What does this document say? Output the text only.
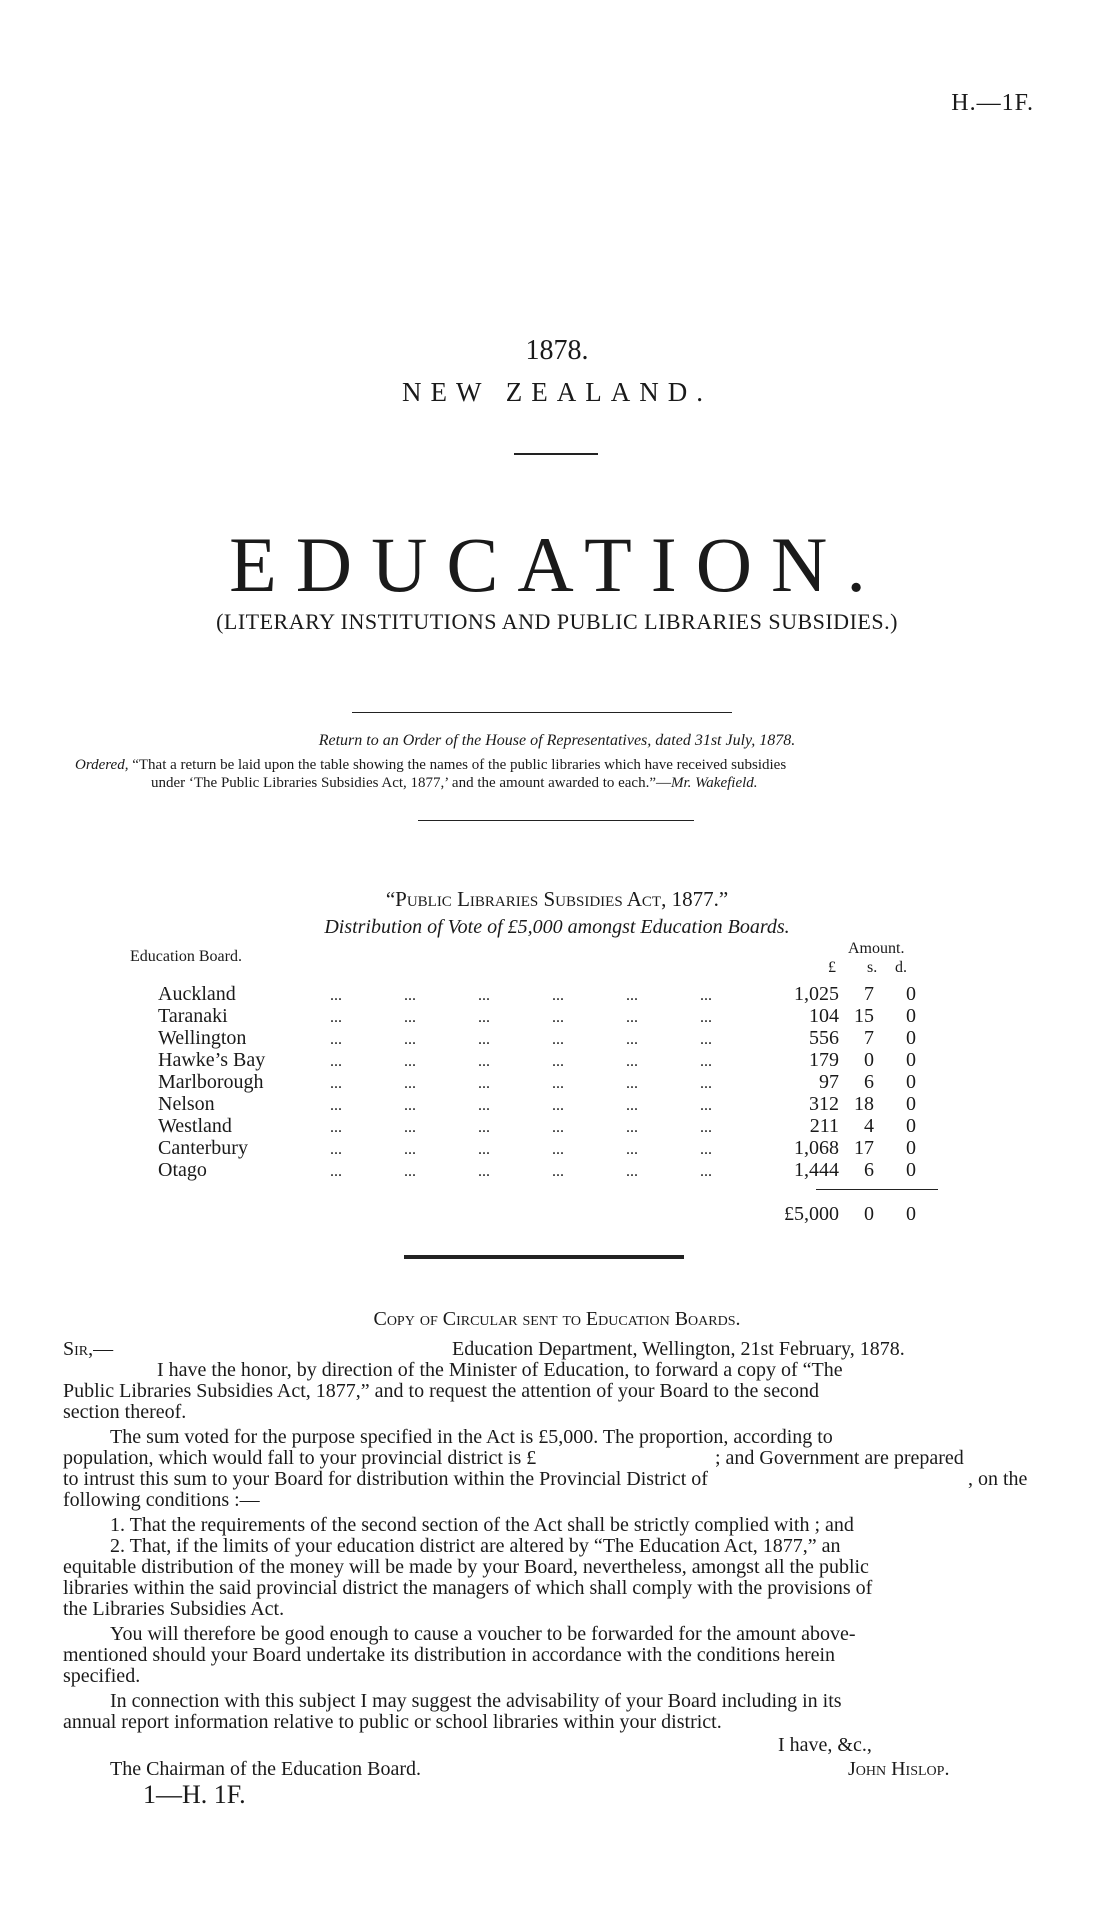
H.—1F.
1878.
NEW ZEALAND.
EDUCATION.
(LITERARY INSTITUTIONS AND PUBLIC LIBRARIES SUBSIDIES.)
Return to an Order of the House of Representatives, dated 31st July, 1878.
Ordered, “That a return be laid upon the table showing the names of the public libraries which have received subsidies
under ‘The Public Libraries Subsidies Act, 1877,’ and the amount awarded to each.”—Mr. Wakefield.
“Public Libraries Subsidies Act, 1877.”
Distribution of Vote of £5,000 amongst Education Boards.
Education Board.	Amount.
£ s. d.
Auckland	... ... ... ... ... ...	1,025 7 0
Taranaki	... ... ... ... ... ...	104 15 0
Wellington	... ... ... ... ... ...	556 7 0
Hawke’s Bay	... ... ... ... ... ...	179 0 0
Marlborough	... ... ... ... ... ...	97 6 0
Nelson	... ... ... ... ... ...	312 18 0
Westland	... ... ... ... ... ...	211 4 0
Canterbury	... ... ... ... ... ...	1,068 17 0
Otago	... ... ... ... ... ...	1,444 6 0
£5,000 0 0
Copy of Circular sent to Education Boards.
Sir,—	Education Department, Wellington, 21st February, 1878.
I have the honor, by direction of the Minister of Education, to forward a copy of “The
Public Libraries Subsidies Act, 1877,” and to request the attention of your Board to the second
section thereof.
The sum voted for the purpose specified in the Act is £5,000. The proportion, according to
population, which would fall to your provincial district is £	; and Government are prepared
to intrust this sum to your Board for distribution within the Provincial District of	, on the
following conditions :—
1. That the requirements of the second section of the Act shall be strictly complied with ; and
2. That, if the limits of your education district are altered by “The Education Act, 1877,” an
equitable distribution of the money will be made by your Board, nevertheless, amongst all the public
libraries within the said provincial district the managers of which shall comply with the provisions of
the Libraries Subsidies Act.
You will therefore be good enough to cause a voucher to be forwarded for the amount above-
mentioned should your Board undertake its distribution in accordance with the conditions herein
specified.
In connection with this subject I may suggest the advisability of your Board including in its
annual report information relative to public or school libraries within your district.
I have, &c.,
The Chairman of the Education Board.	John Hislop.
1—H. 1F.
